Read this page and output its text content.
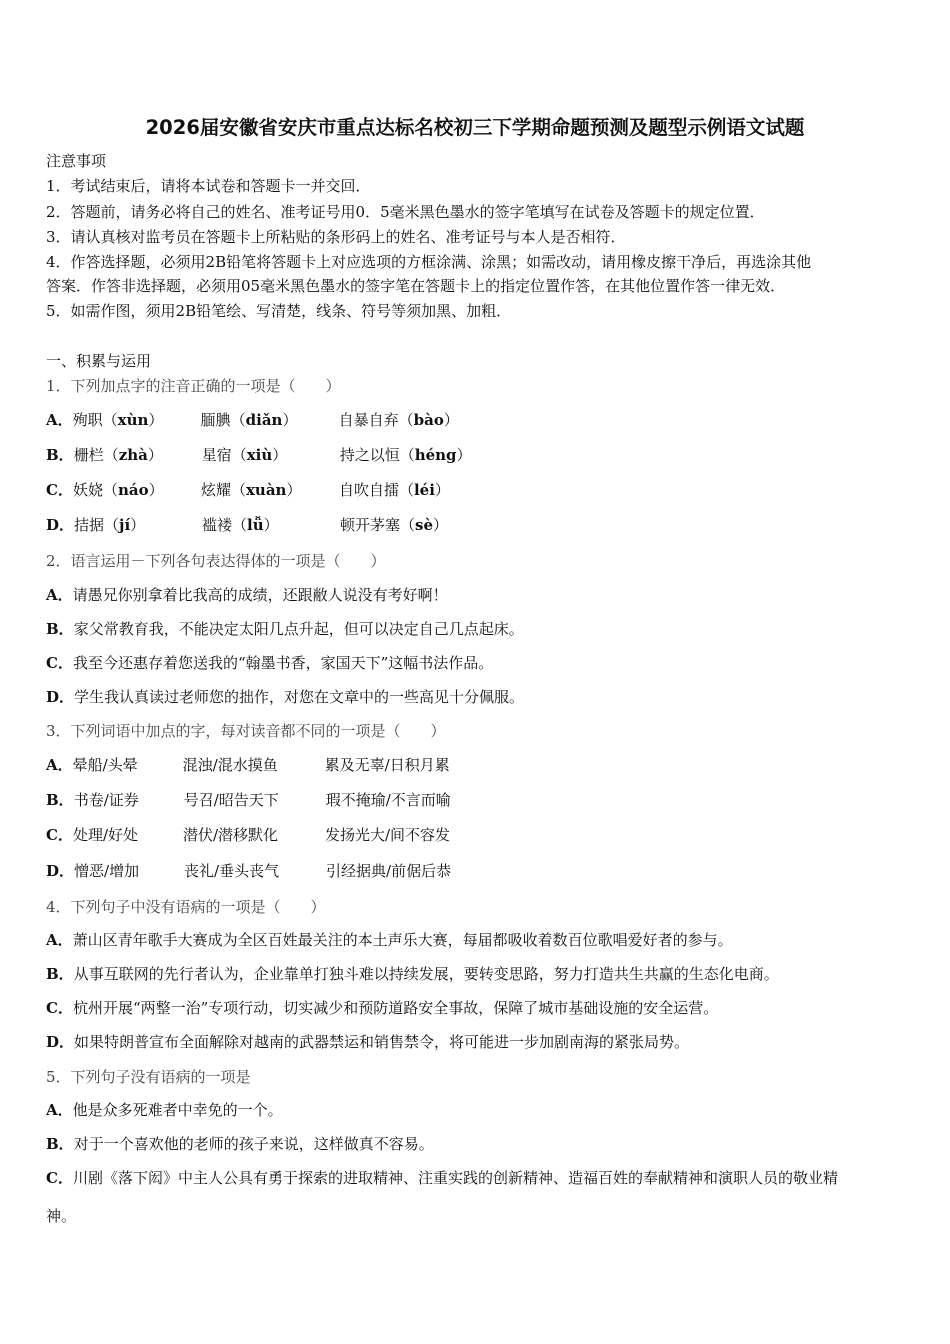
2026届安徽省安庆市重点达标名校初三下学期命题预测及题型示例语文试题
注意事项
1．考试结束后，请将本试卷和答题卡一并交回．
2．答题前，请务必将自己的姓名、准考证号用0．5毫米黑色墨水的签字笔填写在试卷及答题卡的规定位置．
3．请认真核对监考员在答题卡上所粘贴的条形码上的姓名、准考证号与本人是否相符．
4．作答选择题，必须用2B铅笔将答题卡上对应选项的方框涂满、涂黑；如需改动，请用橡皮擦干净后，再选涂其他
答案．作答非选择题，必须用05毫米黑色墨水的签字笔在答题卡上的指定位置作答，在其他位置作答一律无效．
5．如需作图，须用2B铅笔绘、写清楚，线条、符号等须加黑、加粗．
一、积累与运用
1．下列加点字的注音正确的一项是（　　）
A．殉职（xùn） 腼腆（diǎn）	自暴自弃（bào）
B．栅栏（zhà）	星宿（xiù）	持之以恒（héng）
C．妖娆（náo） 炫耀（xuàn） 自吹自擂（léi）
D．拮据（jí）	褴褛（lǚ）	顿开茅塞（sè）
2．语言运用－下列各句表达得体的一项是（　　）
A．请愚兄你别拿着比我高的成绩，还跟敝人说没有考好啊！
B．家父常教育我，不能决定太阳几点升起，但可以决定自己几点起床。
C．我至今还惠存着您送我的“翰墨书香，家国天下”这幅书法作品。
D．学生我认真读过老师您的拙作，对您在文章中的一些高见十分佩服。
3．下列词语中加点的字，每对读音都不同的一项是（　　）
A．晕船/头晕	混浊/混水摸鱼	累及无辜/日积月累
B．书卷/证券	号召/昭告天下	瑕不掩瑜/不言而喻
C．处理/好处	潜伏/潜移默化	发扬光大/间不容发
D．憎恶/增加	丧礼/垂头丧气	引经据典/前倨后恭
4．下列句子中没有语病的一项是（　　）
A．萧山区青年歌手大赛成为全区百姓最关注的本土声乐大赛，每届都吸收着数百位歌唱爱好者的参与。
B．从事互联网的先行者认为，企业靠单打独斗难以持续发展，要转变思路，努力打造共生共赢的生态化电商。
C．杭州开展“两整一治”专项行动，切实减少和预防道路安全事故，保障了城市基础设施的安全运营。
D．如果特朗普宣布全面解除对越南的武器禁运和销售禁令，将可能进一步加剧南海的紧张局势。
5．下列句子没有语病的一项是
A．他是众多死难者中幸免的一个。
B．对于一个喜欢他的老师的孩子来说，这样做真不容易。
C．川剧《落下闳》中主人公具有勇于探索的进取精神、注重实践的创新精神、造福百姓的奉献精神和演职人员的敬业精
神。
